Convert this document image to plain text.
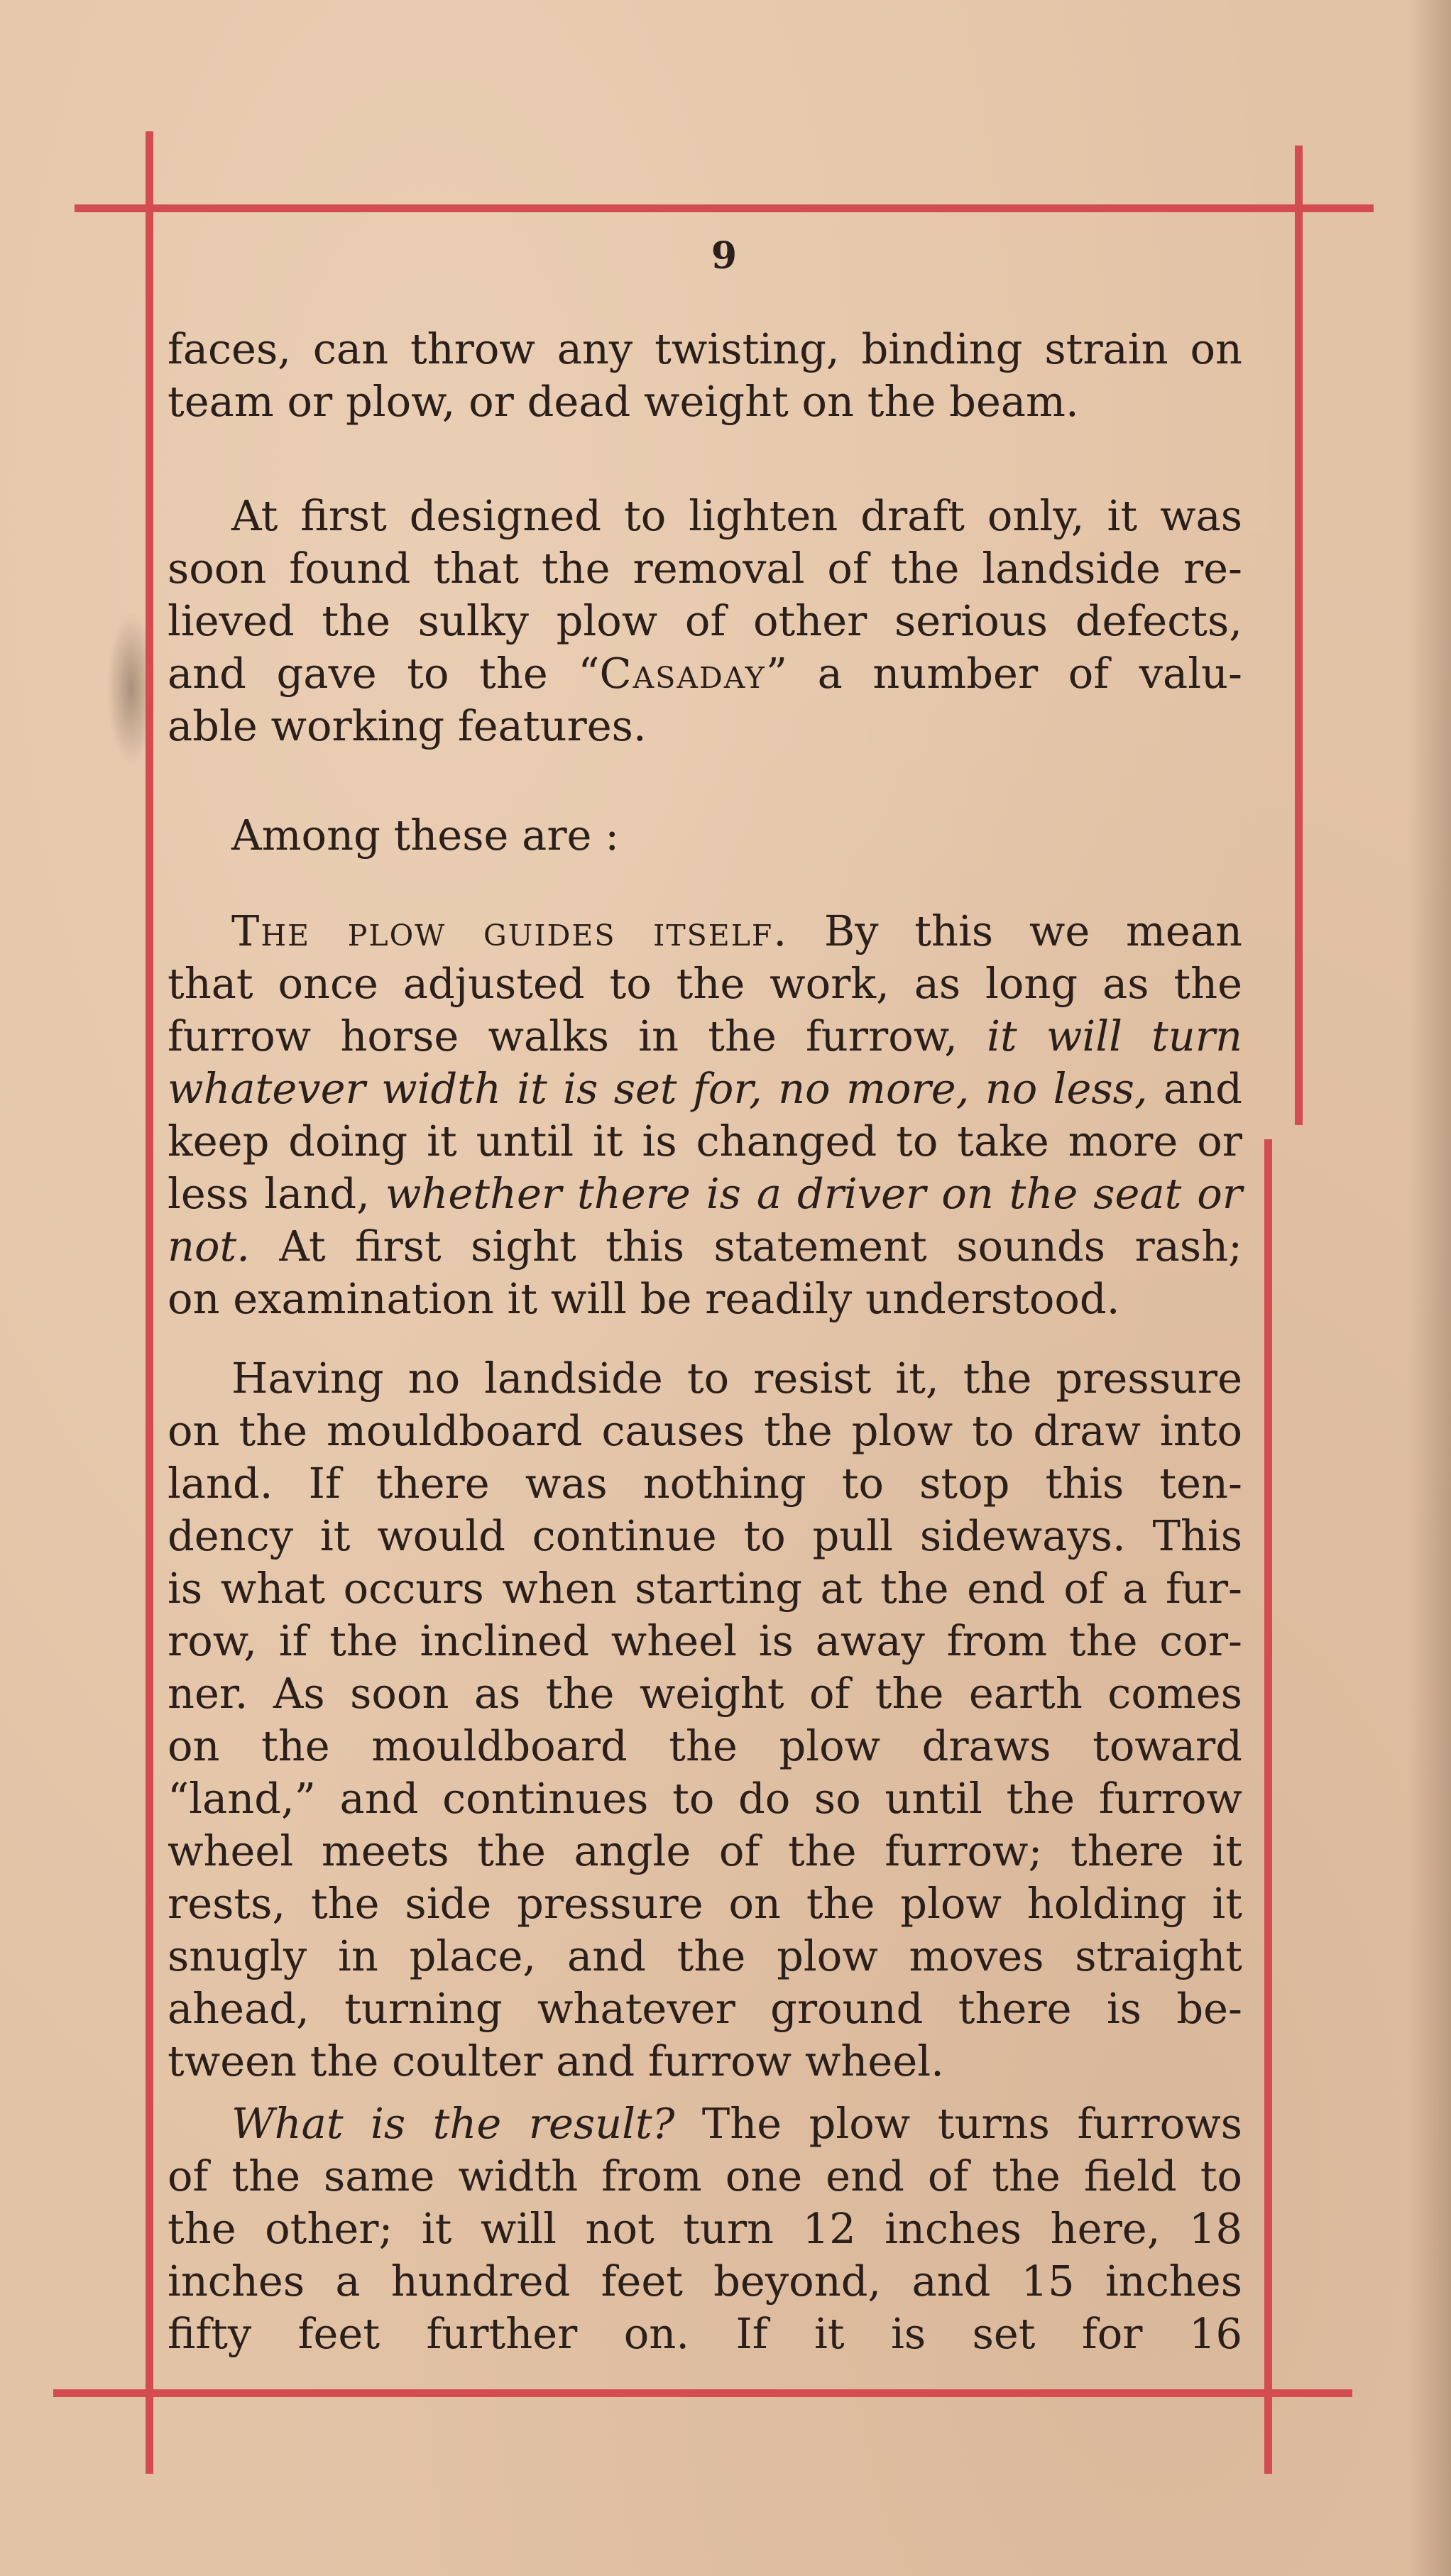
9
faces, can throw any twisting, binding strain on
team or plow, or dead weight on the beam.
At first designed to lighten draft only, it was
soon found that the removal of the landside re-
lieved the sulky plow of other serious defects,
and gave to the “Casaday” a number of valu-
able working features.
Among these are :
The plow guides itself. By this we mean
that once adjusted to the work, as long as the
furrow horse walks in the furrow, it will turn
whatever width it is set for, no more, no less, and
keep doing it until it is changed to take more or
less land, whether there is a driver on the seat or
not. At first sight this statement sounds rash;
on examination it will be readily understood.
Having no landside to resist it, the pressure
on the mouldboard causes the plow to draw into
land. If there was nothing to stop this ten-
dency it would continue to pull sideways. This
is what occurs when starting at the end of a fur-
row, if the inclined wheel is away from the cor-
ner. As soon as the weight of the earth comes
on the mouldboard the plow draws toward
“land,” and continues to do so until the furrow
wheel meets the angle of the furrow; there it
rests, the side pressure on the plow holding it
snugly in place, and the plow moves straight
ahead, turning whatever ground there is be-
tween the coulter and furrow wheel.
What is the result? The plow turns furrows
of the same width from one end of the field to
the other; it will not turn 12 inches here, 18
inches a hundred feet beyond, and 15 inches
fifty feet further on. If it is set for 16
